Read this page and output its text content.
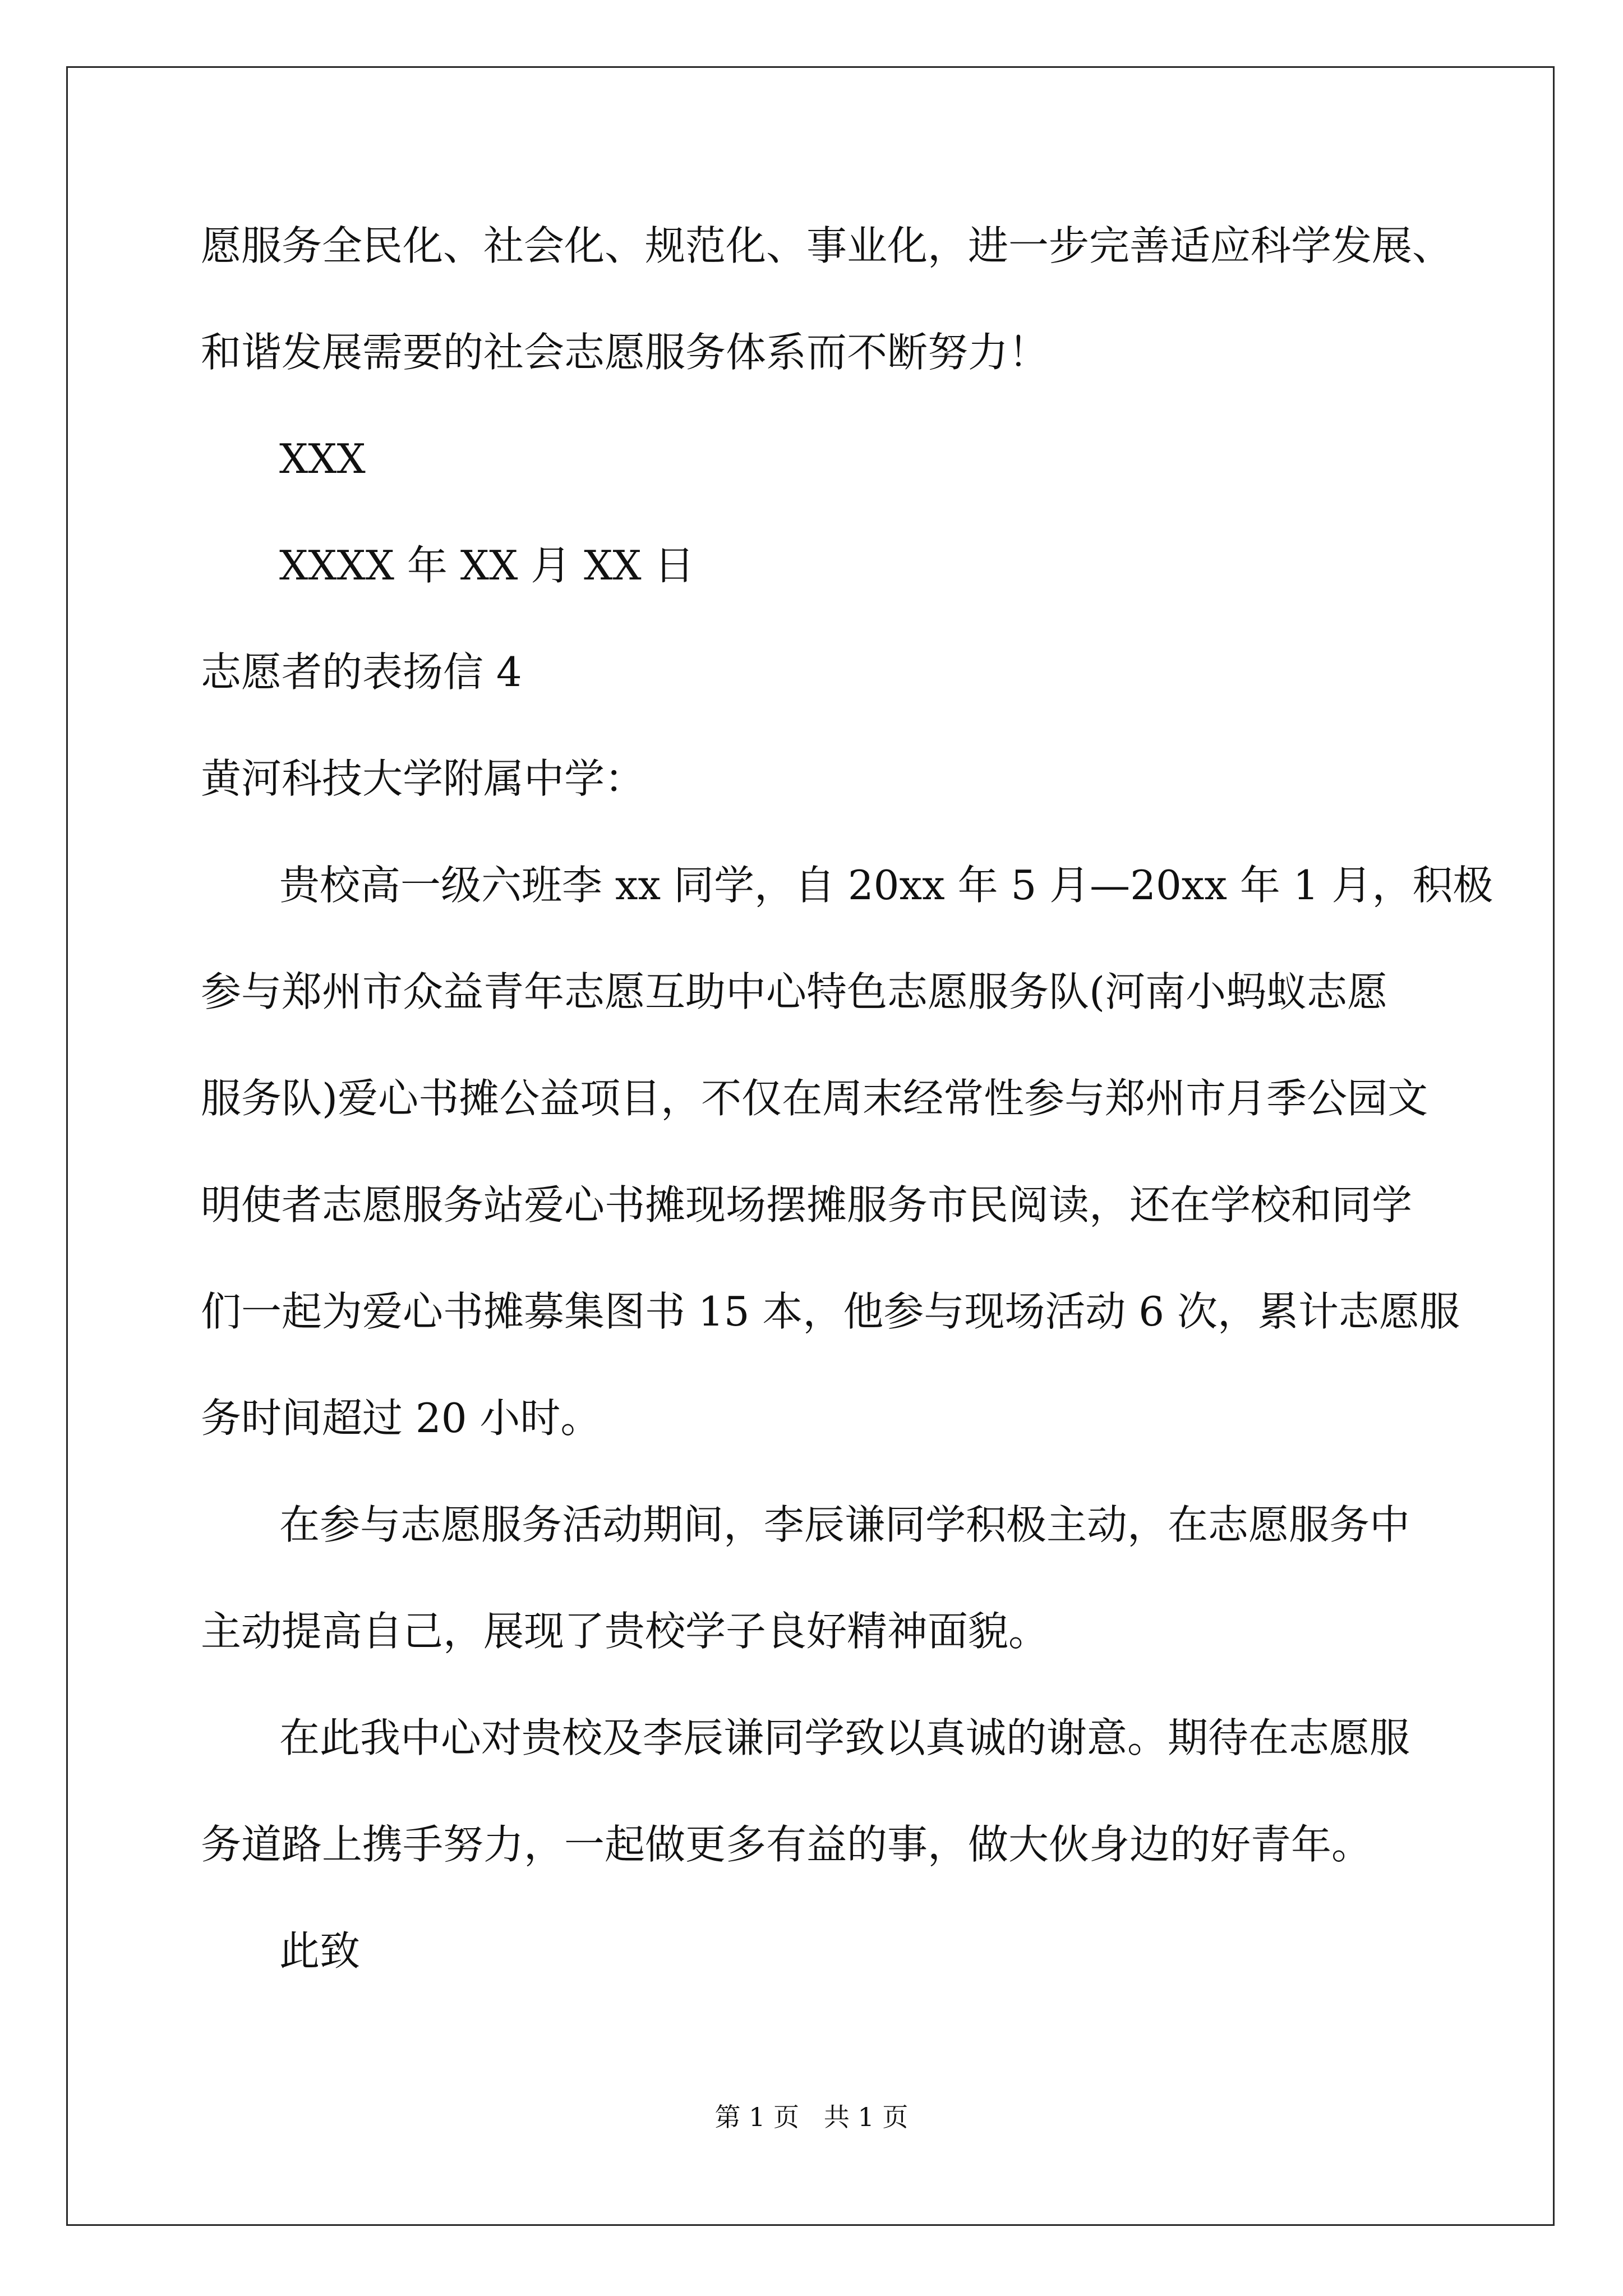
愿服务全民化、社会化、规范化、事业化，进一步完善适应科学发展、
和谐发展需要的社会志愿服务体系而不断努力！
XXX
XXXX 年 XX 月 XX 日
志愿者的表扬信 4
黄河科技大学附属中学：
贵校高一级六班李 xx 同学，自 20xx 年 5 月—20xx 年 1 月，积极
参与郑州市众益青年志愿互助中心特色志愿服务队(河南小蚂蚁志愿
服务队)爱心书摊公益项目，不仅在周末经常性参与郑州市月季公园文
明使者志愿服务站爱心书摊现场摆摊服务市民阅读，还在学校和同学
们一起为爱心书摊募集图书 15 本，他参与现场活动 6 次，累计志愿服
务时间超过 20 小时。
在参与志愿服务活动期间，李辰谦同学积极主动，在志愿服务中
主动提高自己，展现了贵校学子良好精神面貌。
在此我中心对贵校及李辰谦同学致以真诚的谢意。期待在志愿服
务道路上携手努力，一起做更多有益的事，做大伙身边的好青年。
此致
第 1 页   共 1 页
